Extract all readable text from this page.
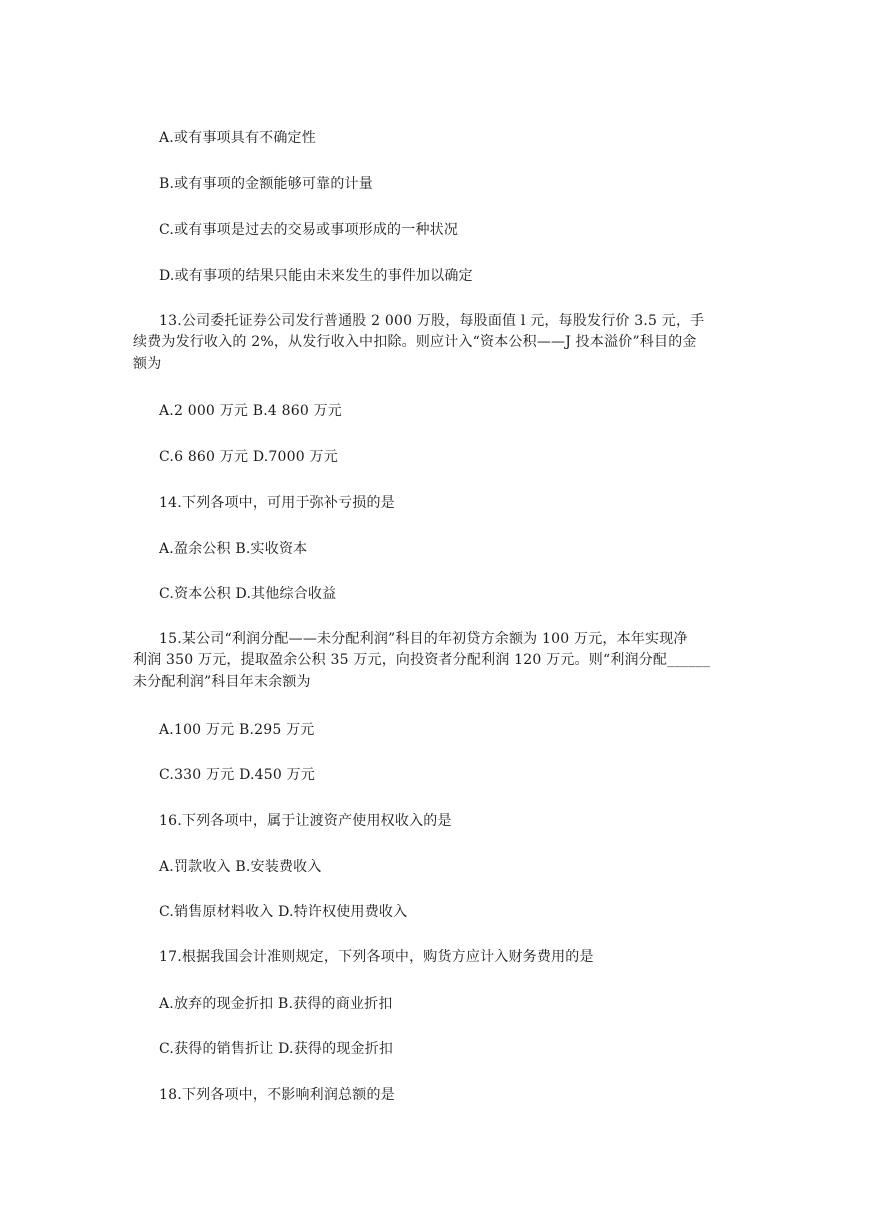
A.或有事项具有不确定性
B.或有事项的金额能够可靠的计量
C.或有事项是过去的交易或事项形成的一种状况
D.或有事项的结果只能由未来发生的事件加以确定
13.公司委托证券公司发行普通股 2 000 万股，每股面值 l 元，每股发行价 3.5 元，手
续费为发行收入的 2%，从发行收入中扣除。则应计入“资本公积——J 投本溢价”科目的金
额为
A.2 000 万元 B.4 860 万元
C.6 860 万元 D.7000 万元
14.下列各项中，可用于弥补亏损的是
A.盈余公积 B.实收资本
C.资本公积 D.其他综合收益
15.某公司“利润分配——未分配利润”科目的年初贷方余额为 100 万元，本年实现净
利润 350 万元，提取盈余公积 35 万元，向投资者分配利润 120 万元。则“利润分配______
未分配利润”科目年末余额为
A.100 万元 B.295 万元
C.330 万元 D.450 万元
16.下列各项中，属于让渡资产使用权收入的是
A.罚款收入 B.安装费收入
C.销售原材料收入 D.特许权使用费收入
17.根据我国会计准则规定，下列各项中，购货方应计入财务费用的是
A.放弃的现金折扣 B.获得的商业折扣
C.获得的销售折让 D.获得的现金折扣
18.下列各项中，不影响利润总额的是
